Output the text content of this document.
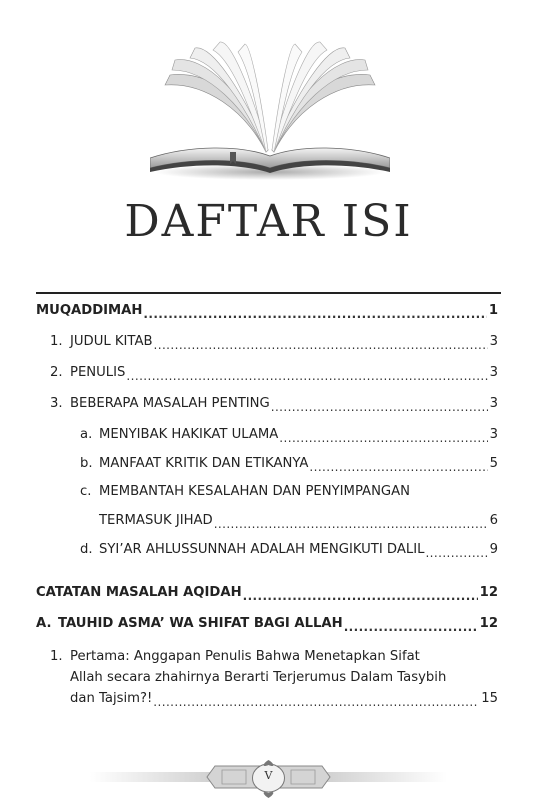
DAFTAR ISI
MUQADDIMAH .....	1
1. JUDUL KITAB .....	3
2. PENULIS .....	3
3. BEBERAPA MASALAH PENTING .....	3
a. MENYIBAK HAKIKAT ULAMA .....	3
b. MANFAAT KRITIK DAN ETIKANYA .....	5
c. MEMBANTAH KESALAHAN DAN PENYIMPANGAN
TERMASUK JIHAD .....	6
d. SYI’AR AHLUSSUNNAH ADALAH MENGIKUTI DALIL .....	9
CATATAN MASALAH AQIDAH .....	12
A. TAUHID ASMA’ WA SHIFAT BAGI ALLAH .....	12
1. Pertama: Anggapan Penulis Bahwa Menetapkan Sifat
Allah secara zhahirnya Berarti Terjerumus Dalam Tasybih
dan Tajsim?! .....	15
V
